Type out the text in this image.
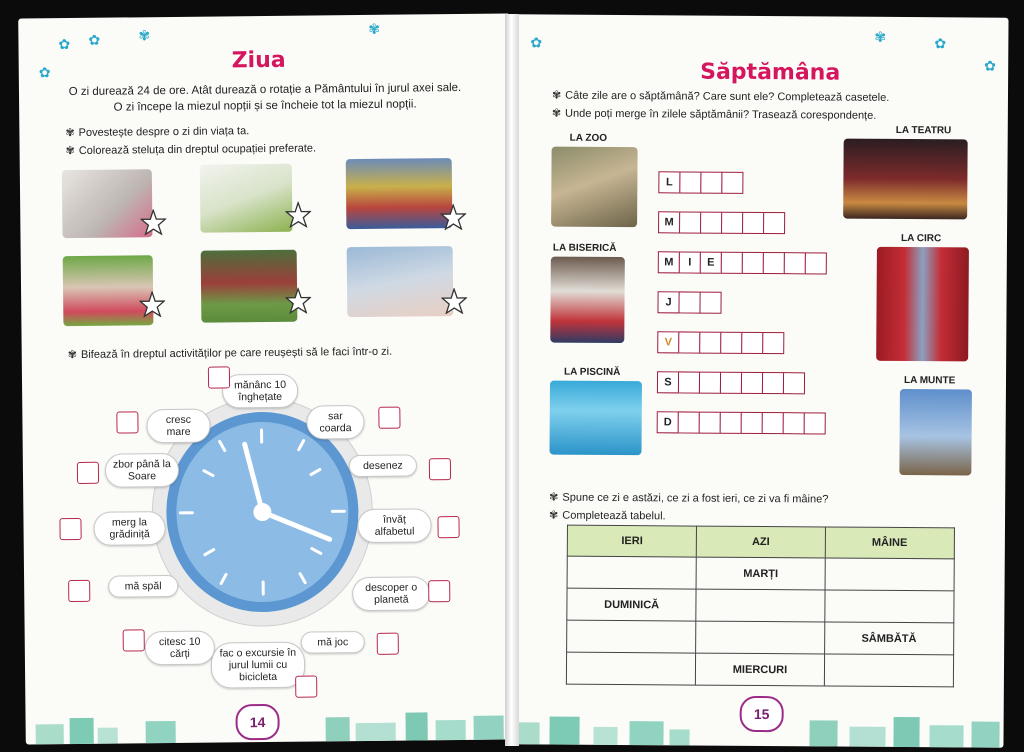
✿ ✿	✾	✾
✿	Ziua
O zi durează 24 de ore. Atât durează o rotație a Pământului în jurul axei sale. O zi începe la miezul nopții și se încheie tot la miezul nopții.
✾ Povestește despre o zi din viața ta.
✾ Colorează steluța din dreptul ocupației preferate.
✾ Bifează în dreptul activităților pe care reușești să le faci într-o zi.
mănânc 10 înghețate
sar coarda
desenez
învăț alfabetul
descoper o planetă
mă joc
fac o excursie în jurul lumii cu bicicleta
citesc 10 cărți
mă spăl
merg la grădiniță
zbor până la Soare
cresc mare
14
✿	✾	✿
✿
Săptămâna
✾ Câte zile are o săptămână? Care sunt ele? Completează casetele.
✾ Unde poți merge în zilele săptămânii? Trasează corespondențe.
LA ZOO
LA BISERICĂ
LA PISCINĂ
LA TEATRU
LA CIRC
LA MUNTE
L
M
M	I	E
J
V
S
D
✾ Spune ce zi e astăzi, ce zi a fost ieri, ce zi va fi mâine?
✾ Completează tabelul.
IERI	AZI	MÂINE
	MARȚI	
DUMINICĂ		
		SÂMBĂTĂ
	MIERCURI	
15
